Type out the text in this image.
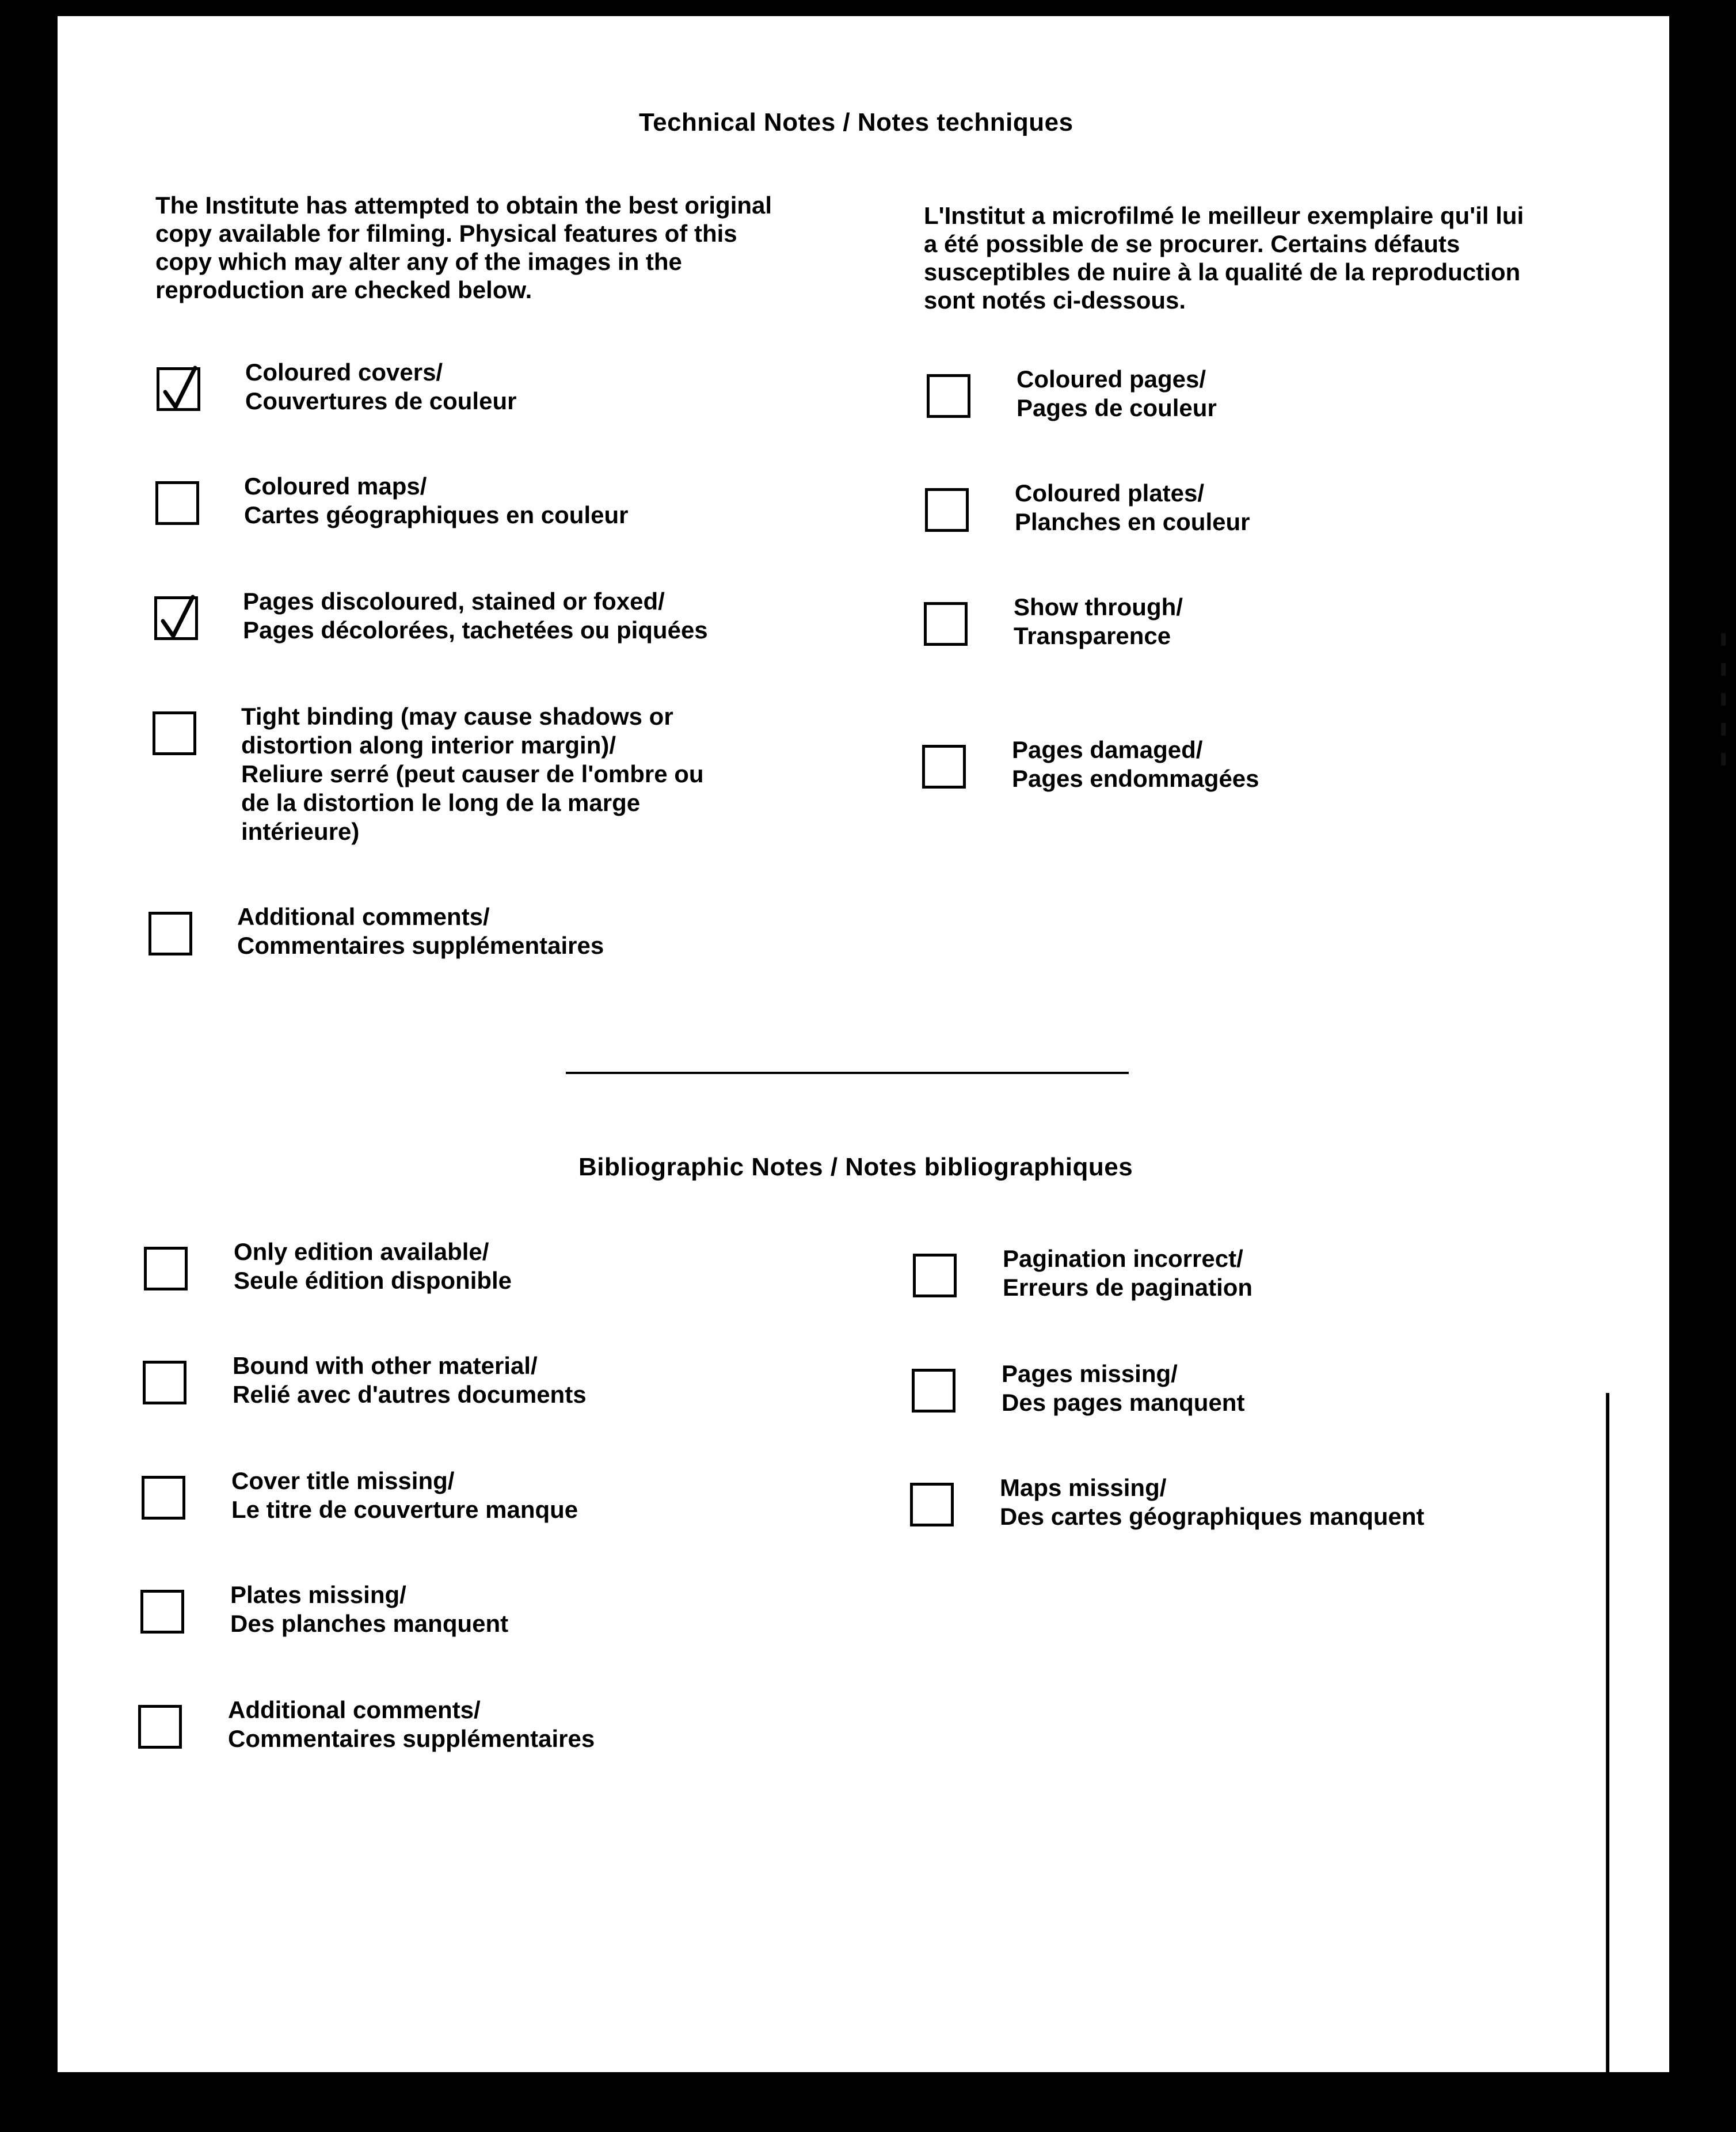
Technical Notes / Notes techniques

The Institute has attempted to obtain the best original copy available for filming. Physical features of this copy which may alter any of the images in the reproduction are checked below.

L'Institut a microfilmé le meilleur exemplaire qu'il lui a été possible de se procurer. Certains défauts susceptibles de nuire à la qualité de la reproduction sont notés ci-dessous.

Coloured covers/
Couvertures de couleur
Coloured pages/
Pages de couleur
Coloured maps/
Cartes géographiques en couleur
Coloured plates/
Planches en couleur
Pages discoloured, stained or foxed/
Pages décolorées, tachetées ou piquées
Show through/
Transparence
Tight binding (may cause shadows or
distortion along interior margin)/
Reliure serré (peut causer de l'ombre ou
de la distortion le long de la marge
intérieure)
Pages damaged/
Pages endommagées
Additional comments/
Commentaires supplémentaires
Bibliographic Notes / Notes bibliographiques
Only edition available/
Seule édition disponible
Pagination incorrect/
Erreurs de pagination
Bound with other material/
Relié avec d'autres documents
Pages missing/
Des pages manquent
Cover title missing/
Le titre de couverture manque
Maps missing/
Des cartes géographiques manquent
Plates missing/
Des planches manquent
Additional comments/
Commentaires supplémentaires
